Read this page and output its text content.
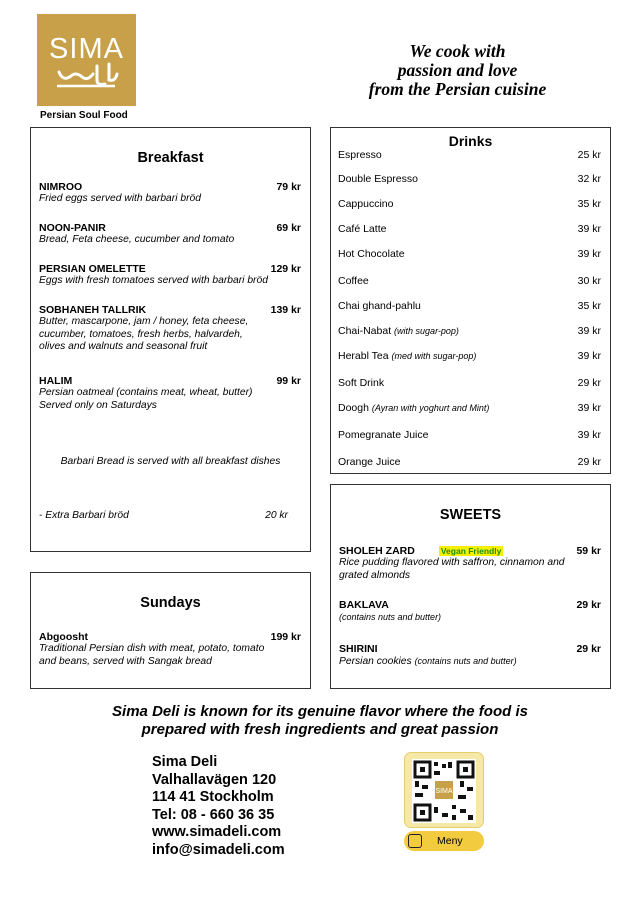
SIMA
Persian Soul Food
We cook with
passion and love
from the Persian cuisine
Breakfast
NIMROO	79 kr
Fried eggs served with barbari bröd
NOON-PANIR	69 kr
Bread, Feta cheese, cucumber and tomato
PERSIAN OMELETTE	129 kr
Eggs with fresh tomatoes served with barbari bröd
SOBHANEH TALLRIK	139 kr
Butter, mascarpone, jam / honey, feta cheese,
cucumber, tomatoes, fresh herbs, halvardeh,
olives and walnuts and seasonal fruit
HALIM	99 kr
Persian oatmeal (contains meat, wheat, butter)
Served only on Saturdays
Barbari Bread is served with all breakfast dishes
- Extra Barbari bröd	20 kr
Sundays
Abgoosht	199 kr
Traditional Persian dish with meat, potato, tomato
and beans, served with Sangak bread
Drinks
Espresso	25 kr
Double Espresso	32 kr
Cappuccino	35 kr
Café Latte	39 kr
Hot Chocolate	39 kr
Coffee	30 kr
Chai ghand-pahlu	35 kr
Chai-Nabat (with sugar-pop)	39 kr
Herabl Tea (med with sugar-pop)	39 kr
Soft Drink	29 kr
Doogh (Ayran with yoghurt and Mint)	39 kr
Pomegranate Juice	39 kr
Orange Juice	29 kr
SWEETS
SHOLEH ZARD	Vegan Friendly	59 kr
Rice pudding flavored with saffron, cinnamon and
grated almonds
BAKLAVA	29 kr
(contains nuts and butter)
SHIRINI	29 kr
Persian cookies (contains nuts and butter)
Sima Deli is known for its genuine flavor where the food is
prepared with fresh ingredients and great passion
Sima Deli
Valhallavägen 120
114 41 Stockholm
Tel: 08 - 660 36 35
www.simadeli.com
info@simadeli.com
SIMA
Meny
